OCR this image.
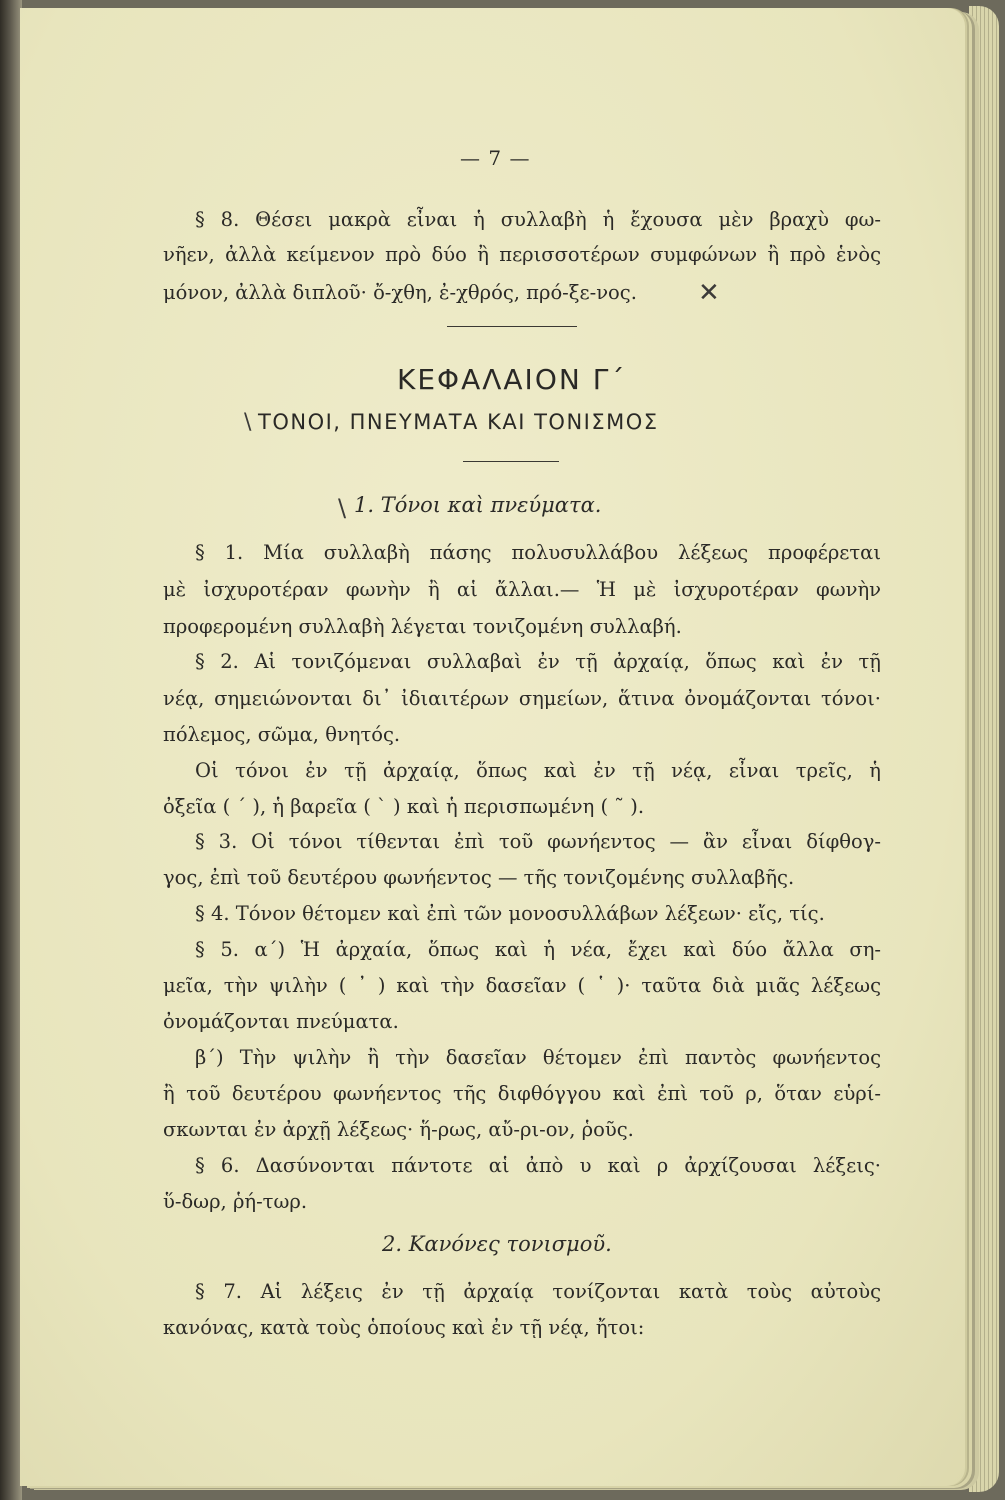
— 7 —
§ 8. Θέσει μακρὰ εἶναι ἡ συλλαβὴ ἡ ἔχουσα μὲν βραχὺ φω-
νῆεν, ἀλλὰ κείμενον πρὸ δύο ἢ περισσοτέρων συμφώνων ἢ πρὸ ἑνὸς
μόνον, ἀλλὰ διπλοῦ· ὄ-χθη, ἐ-χθρός, πρό-ξε-νος. ✕
ΚΕΦΑΛΑΙΟΝ Γ΄
\ ΤΟΝΟΙ, ΠΝΕΥΜΑΤΑ ΚΑΙ ΤΟΝΙΣΜΟΣ
\ 1. Τόνοι καὶ πνεύματα.
§ 1. Μία συλλαβὴ πάσης πολυσυλλάβου λέξεως προφέρεται
μὲ ἰσχυροτέραν φωνὴν ἢ αἱ ἄλλαι.— Ἡ μὲ ἰσχυροτέραν φωνὴν
προφερομένη συλλαβὴ λέγεται τονιζομένη συλλαβή.
§ 2. Αἱ τονιζόμεναι συλλαβαὶ ἐν τῇ ἀρχαίᾳ, ὅπως καὶ ἐν τῇ
νέᾳ, σημειώνονται δι᾽ ἰδιαιτέρων σημείων, ἅτινα ὀνομάζονται τόνοι·
πόλεμος, σῶμα, θνητός.
Οἱ τόνοι ἐν τῇ ἀρχαίᾳ, ὅπως καὶ ἐν τῇ νέᾳ, εἶναι τρεῖς, ἡ
ὀξεῖα ( ΄ ), ἡ βαρεῖα ( ` ) καὶ ἡ περισπωμένη ( ῀ ).
§ 3. Οἱ τόνοι τίθενται ἐπὶ τοῦ φωνήεντος — ἂν εἶναι δίφθογ-
γος, ἐπὶ τοῦ δευτέρου φωνήεντος — τῆς τονιζομένης συλλαβῆς.
§ 4. Τόνον θέτομεν καὶ ἐπὶ τῶν μονοσυλλάβων λέξεων· εἴς, τίς.
§ 5. α΄) Ἡ ἀρχαία, ὅπως καὶ ἡ νέα, ἔχει καὶ δύο ἄλλα ση-
μεῖα, τὴν ψιλὴν ( ᾿ ) καὶ τὴν δασεῖαν ( ῾ )· ταῦτα διὰ μιᾶς λέξεως
ὀνομάζονται πνεύματα.
β΄) Τὴν ψιλὴν ἢ τὴν δασεῖαν θέτομεν ἐπὶ παντὸς φωνήεντος
ἢ τοῦ δευτέρου φωνήεντος τῆς διφθόγγου καὶ ἐπὶ τοῦ ρ, ὅταν εὑρί-
σκωνται ἐν ἀρχῇ λέξεως· ἥ-ρως, αὔ-ρι-ον, ῥοῦς.
§ 6. Δασύνονται πάντοτε αἱ ἀπὸ υ καὶ ρ ἀρχίζουσαι λέξεις·
ὕ-δωρ, ῥή-τωρ.
2. Κανόνες τονισμοῦ.
§ 7. Αἱ λέξεις ἐν τῇ ἀρχαίᾳ τονίζονται κατὰ τοὺς αὐτοὺς
κανόνας, κατὰ τοὺς ὁποίους καὶ ἐν τῇ νέᾳ, ἤτοι:
